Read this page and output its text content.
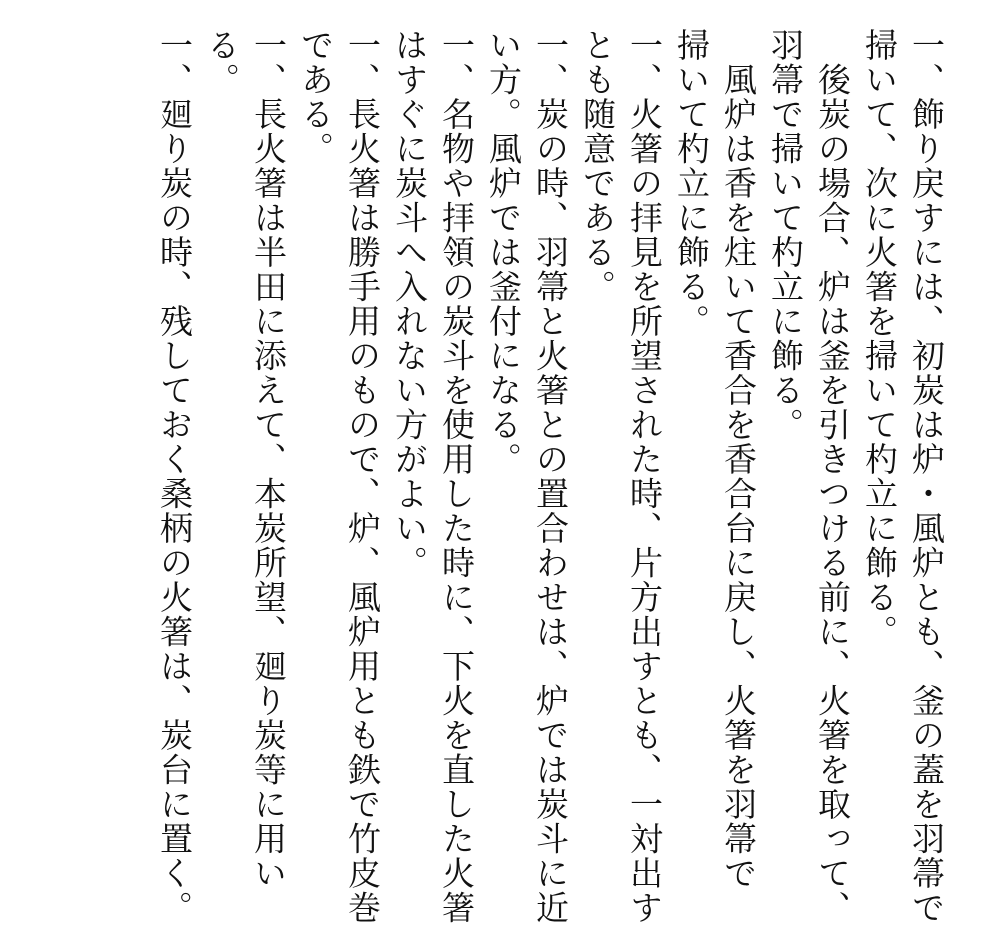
一、飾り戻すには、初炭は炉・風炉とも、釜の蓋を羽箒で
掃いて、次に火箸を掃いて杓立に飾る。
　後炭の場合、炉は釜を引きつける前に、火箸を取って、
羽箒で掃いて杓立に飾る。
　風炉は香を炷いて香合を香合台に戻し、火箸を羽箒で
掃いて杓立に飾る。
一、火箸の拝見を所望された時、片方出すとも、一対出す
とも随意である。
一、炭の時、羽箒と火箸との置合わせは、炉では炭斗に近
い方。風炉では釜付になる。
一、名物や拝領の炭斗を使用した時に、下火を直した火箸
はすぐに炭斗へ入れない方がよい。
一、長火箸は勝手用のもので、炉、風炉用とも鉄で竹皮巻
である。
一、長火箸は半田に添えて、本炭所望、廻り炭等に用い
る。
一、廻り炭の時、残しておく桑柄の火箸は、炭台に置く。
